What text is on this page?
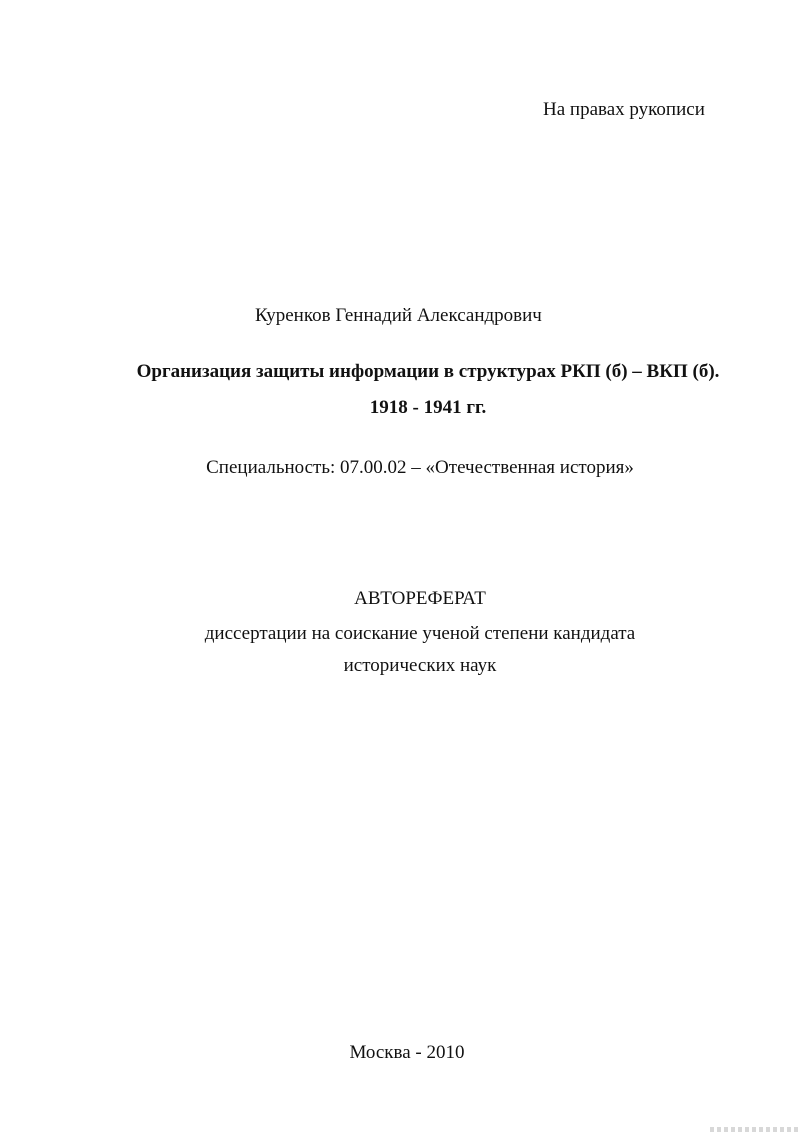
На правах рукописи
Куренков Геннадий Александрович
Организация защиты информации в структурах РКП (б) – ВКП (б).
1918 - 1941 гг.
Специальность: 07.00.02 – «Отечественная история»
АВТОРЕФЕРАТ
диссертации на соискание ученой степени кандидата
исторических наук
Москва - 2010
